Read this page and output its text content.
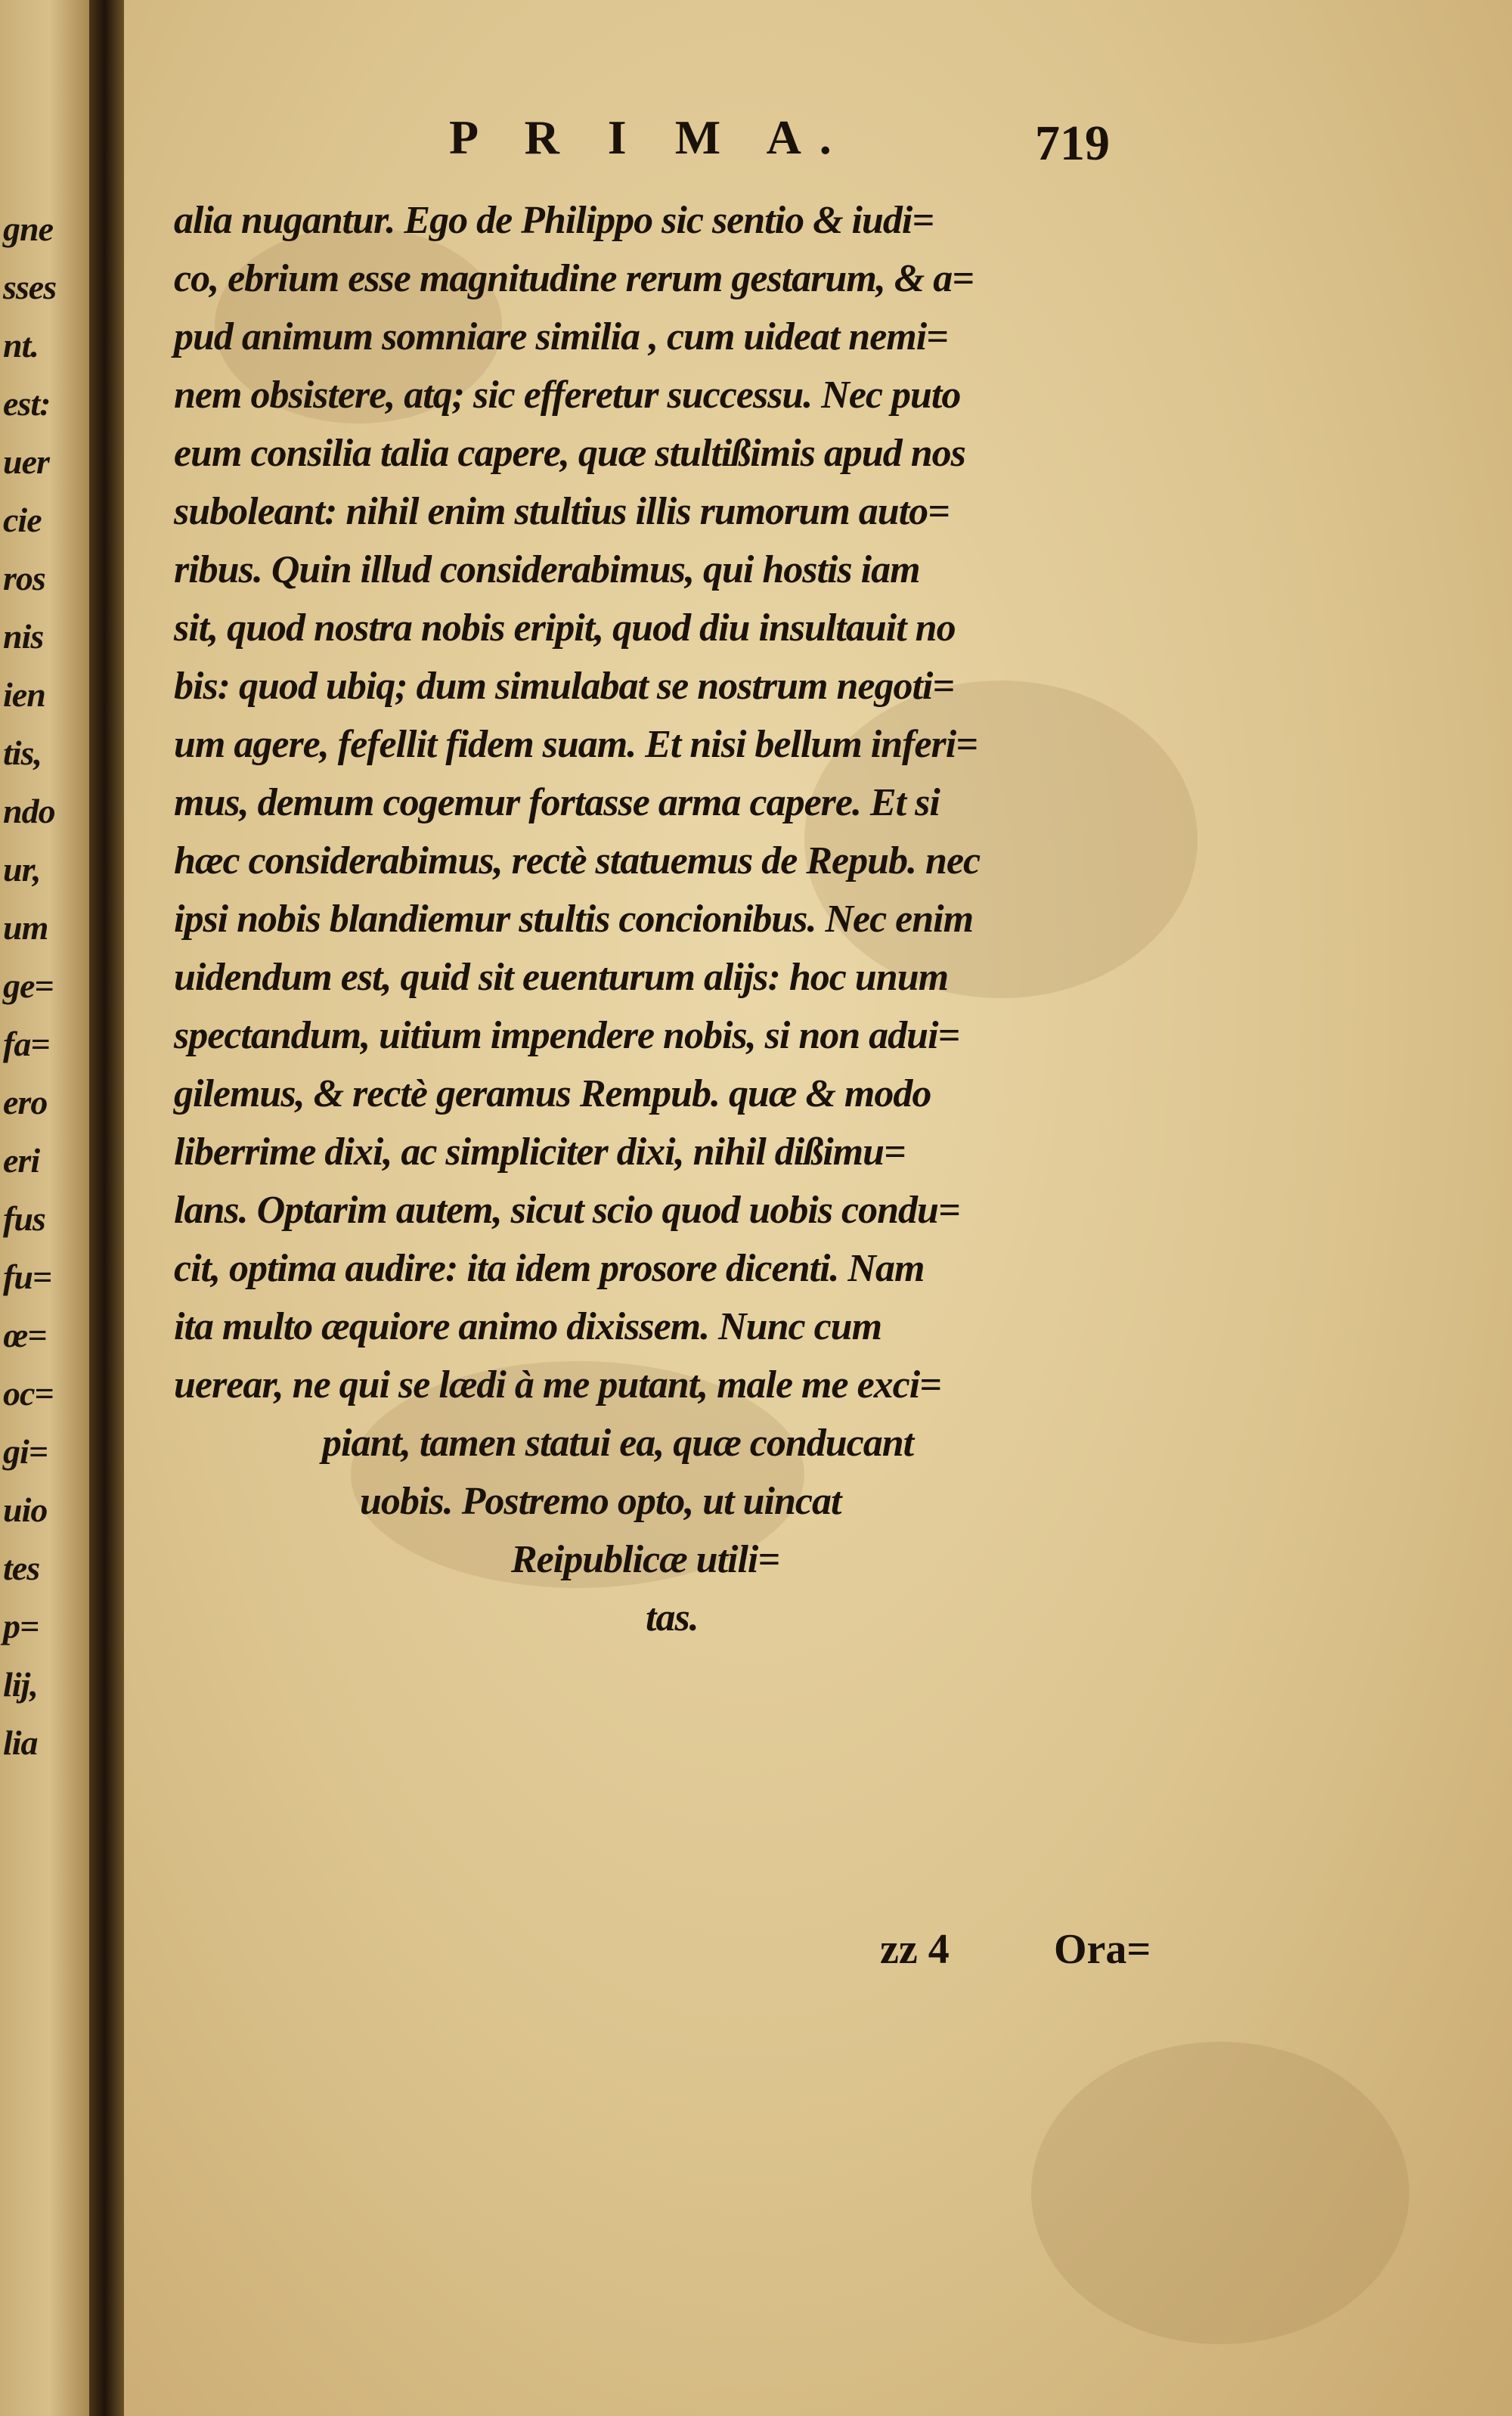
gne
sses
nt.
est:
uer
cie
ros
nis
ien
tis,
ndo
ur,
um
ge=
fa=
ero
eri
fus
fu=
œ=
oc=
gi=
uio
tes
p=
lij,
lia
P R I M A.	719
alia nugantur. Ego de Philippo sic sentio & iudi=
co, ebrium esse magnitudine rerum gestarum, & a=
pud animum somniare similia , cum uideat nemi=
nem obsistere, atq; sic efferetur successu. Nec puto
eum consilia talia capere, quæ stultißimis apud nos
suboleant: nihil enim stultius illis rumorum auto=
ribus. Quin illud considerabimus, qui hostis iam
sit, quod nostra nobis eripit, quod diu insultauit no
bis: quod ubiq; dum simulabat se nostrum negoti=
um agere, fefellit fidem suam. Et nisi bellum inferi=
mus, demum cogemur fortasse arma capere. Et si
hæc considerabimus, rectè statuemus de Repub. nec
ipsi nobis blandiemur stultis concionibus. Nec enim
uidendum est, quid sit euenturum alijs: hoc unum
spectandum, uitium impendere nobis, si non adui=
gilemus, & rectè geramus Rempub. quæ & modo
liberrime dixi, ac simpliciter dixi, nihil dißimu=
lans. Optarim autem, sicut scio quod uobis condu=
cit, optima audire: ita idem prosore dicenti. Nam
ita multo æquiore animo dixissem. Nunc cum
uerear, ne qui se lædi à me putant, male me exci=
piant, tamen statui ea, quæ conducant
uobis. Postremo opto, ut uincat
Reipublicæ utili=
tas.
zz 4 Ora=
